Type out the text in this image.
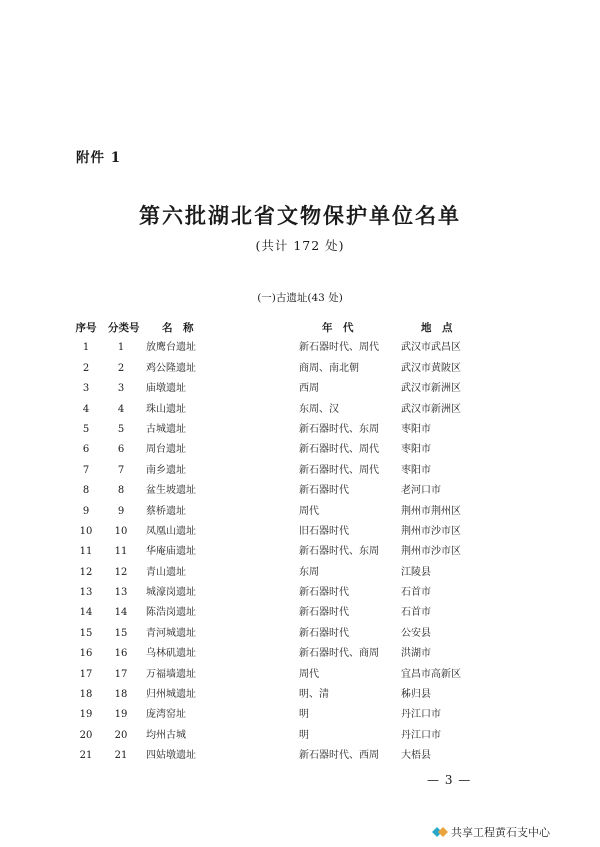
附件 1
第六批湖北省文物保护单位名单
(共计 172 处)
(一)古遗址(43 处)
序号 分类号 名　称	年　代	地　点
1	1	放鹰台遗址	新石器时代、周代	武汉市武昌区
2	2	鸡公隆遗址	商周、南北朝	武汉市黄陂区
3	3	庙墩遗址	西周	武汉市新洲区
4	4	珠山遗址	东周、汉	武汉市新洲区
5	5	古城遗址	新石器时代、东周	枣阳市
6	6	周台遗址	新石器时代、周代	枣阳市
7	7	南乡遗址	新石器时代、周代	枣阳市
8	8	盆生坡遗址	新石器时代	老河口市
9	9	蔡桥遗址	周代	荆州市荆州区
10	10	凤凰山遗址	旧石器时代	荆州市沙市区
11	11	华庵庙遗址	新石器时代、东周	荆州市沙市区
12	12	青山遗址	东周	江陵县
13	13	城濠岗遗址	新石器时代	石首市
14	14	陈浩岗遗址	新石器时代	石首市
15	15	青河城遗址	新石器时代	公安县
16	16	乌林矶遗址	新石器时代、商周	洪湖市
17	17	万福墙遗址	周代	宜昌市高新区
18	18	归州城遗址	明、清	秭归县
19	19	庞湾窑址	明	丹江口市
20	20	均州古城	明	丹江口市
21	21	四姑墩遗址	新石器时代、西周	大梧县
— 3 —
共享工程黄石支中心
